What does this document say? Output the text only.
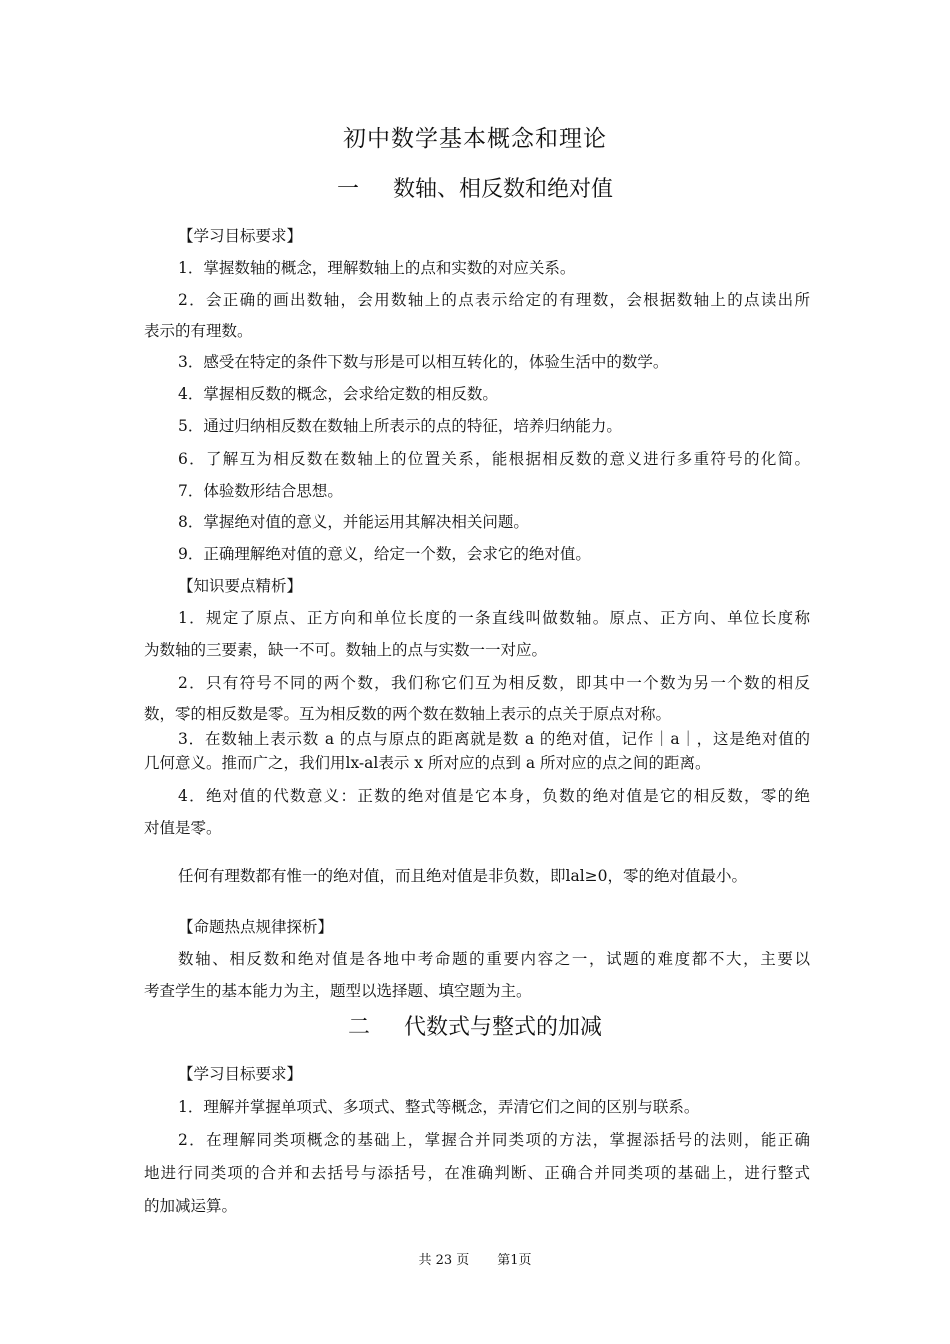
初中数学基本概念和理论
一 数轴、相反数和绝对值
【学习目标要求】
1．掌握数轴的概念，理解数轴上的点和实数的对应关系。
2．会正确的画出数轴，会用数轴上的点表示给定的有理数，会根据数轴上的点读出所
表示的有理数。
3．感受在特定的条件下数与形是可以相互转化的，体验生活中的数学。
4．掌握相反数的概念，会求给定数的相反数。
5．通过归纳相反数在数轴上所表示的点的特征，培养归纳能力。
6．了解互为相反数在数轴上的位置关系，能根据相反数的意义进行多重符号的化简。
7．体验数形结合思想。
8．掌握绝对值的意义，并能运用其解决相关问题。
9．正确理解绝对值的意义，给定一个数，会求它的绝对值。
【知识要点精析】
1．规定了原点、正方向和单位长度的一条直线叫做数轴。原点、正方向、单位长度称
为数轴的三要素，缺一不可。数轴上的点与实数一一对应。
2．只有符号不同的两个数，我们称它们互为相反数，即其中一个数为另一个数的相反
数，零的相反数是零。互为相反数的两个数在数轴上表示的点关于原点对称。
3．在数轴上表示数 a 的点与原点的距离就是数 a 的绝对值，记作｜a｜，这是绝对值的
几何意义。推而广之，我们用lx-al表示 x 所对应的点到 a 所对应的点之间的距离。
4．绝对值的代数意义：正数的绝对值是它本身，负数的绝对值是它的相反数，零的绝
对值是零。
任何有理数都有惟一的绝对值，而且绝对值是非负数，即lal≥0，零的绝对值最小。
【命题热点规律探析】
数轴、相反数和绝对值是各地中考命题的重要内容之一，试题的难度都不大，主要以
考查学生的基本能力为主，题型以选择题、填空题为主。
二 代数式与整式的加减
【学习目标要求】
1．理解并掌握单项式、多项式、整式等概念，弄清它们之间的区别与联系。
2．在理解同类项概念的基础上，掌握合并同类项的方法，掌握添括号的法则，能正确
地进行同类项的合并和去括号与添括号，在准确判断、正确合并同类项的基础上，进行整式
的加减运算。
共 23 页 第1页
